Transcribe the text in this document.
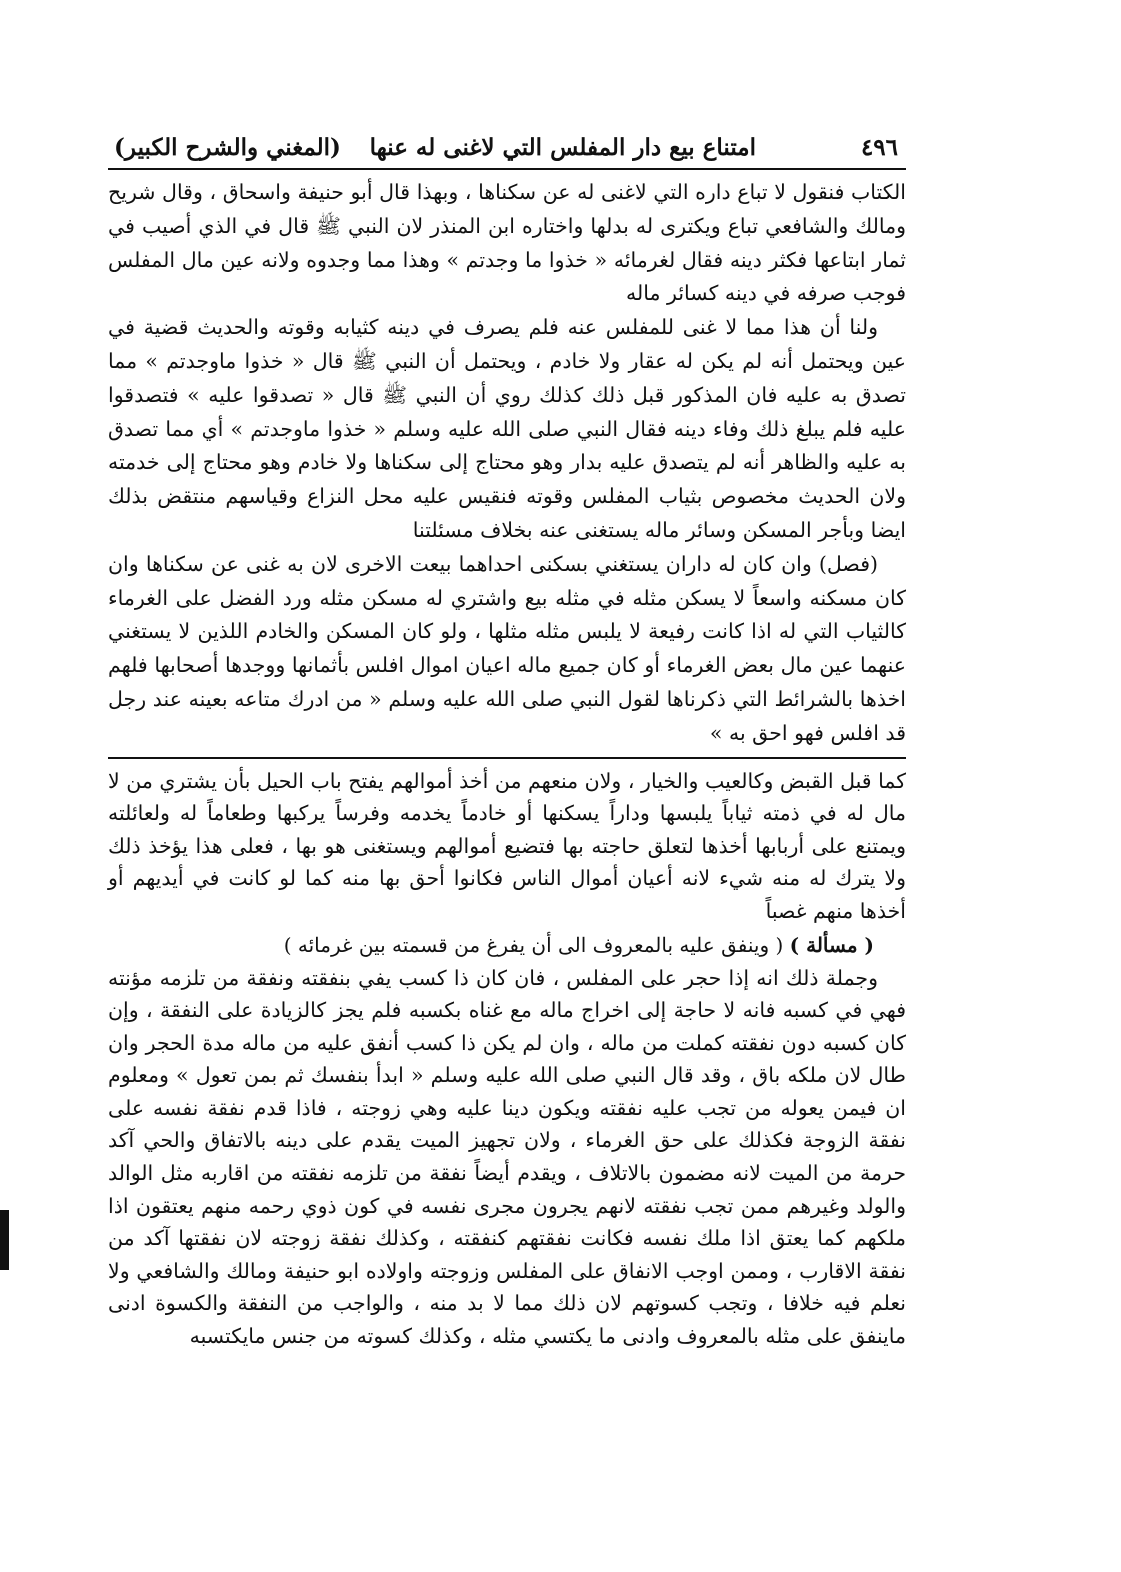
٤٩٦
امتناع بيع دار المفلس التي لاغنى له عنها
(المغني والشرح الكبير)

الكتاب فنقول لا تباع داره التي لاغنى له عن سكناها ، وبهذا قال أبو حنيفة واسحاق ، وقال شريح ومالك والشافعي تباع ويكترى له بدلها واختاره ابن المنذر لان النبي ﷺ قال في الذي أصيب في ثمار ابتاعها فكثر دينه فقال لغرمائه « خذوا ما وجدتم » وهذا مما وجدوه ولانه عين مال المفلس فوجب صرفه في دينه كسائر ماله

ولنا أن هذا مما لا غنى للمفلس عنه فلم يصرف في دينه كثيابه وقوته والحديث قضية في عين ويحتمل أنه لم يكن له عقار ولا خادم ، ويحتمل أن النبي ﷺ قال « خذوا ماوجدتم » مما تصدق به عليه فان المذكور قبل ذلك كذلك روي أن النبي ﷺ قال « تصدقوا عليه » فتصدقوا عليه فلم يبلغ ذلك وفاء دينه فقال النبي صلى الله عليه وسلم « خذوا ماوجدتم » أي مما تصدق به عليه والظاهر أنه لم يتصدق عليه بدار وهو محتاج إلى سكناها ولا خادم وهو محتاج إلى خدمته ولان الحديث مخصوص بثياب المفلس وقوته فنقيس عليه محل النزاع وقياسهم منتقض بذلك ايضا وبأجر المسكن وسائر ماله يستغنى عنه بخلاف مسئلتنا

(فصل) وان كان له داران يستغني بسكنى احداهما بيعت الاخرى لان به غنى عن سكناها وان كان مسكنه واسعاً لا يسكن مثله في مثله بيع واشتري له مسكن مثله ورد الفضل على الغرماء كالثياب التي له اذا كانت رفيعة لا يلبس مثله مثلها ، ولو كان المسكن والخادم اللذين لا يستغني عنهما عين مال بعض الغرماء أو كان جميع ماله اعيان اموال افلس بأثمانها ووجدها أصحابها فلهم اخذها بالشرائط التي ذكرناها لقول النبي صلى الله عليه وسلم « من ادرك متاعه بعينه عند رجل قد افلس فهو احق به »

كما قبل القبض وكالعيب والخيار ، ولان منعهم من أخذ أموالهم يفتح باب الحيل بأن يشتري من لا مال له في ذمته ثياباً يلبسها وداراً يسكنها أو خادماً يخدمه وفرساً يركبها وطعاماً له ولعائلته ويمتنع على أربابها أخذها لتعلق حاجته بها فتضيع أموالهم ويستغنى هو بها ، فعلى هذا يؤخذ ذلك ولا يترك له منه شيء لانه أعيان أموال الناس فكانوا أحق بها منه كما لو كانت في أيديهم أو أخذها منهم غصباً

( مسألة ) ( وينفق عليه بالمعروف الى أن يفرغ من قسمته بين غرمائه )

وجملة ذلك انه إذا حجر على المفلس ، فان كان ذا كسب يفي بنفقته ونفقة من تلزمه مؤنته فهي في كسبه فانه لا حاجة إلى اخراج ماله مع غناه بكسبه فلم يجز كالزيادة على النفقة ، وإن كان كسبه دون نفقته كملت من ماله ، وان لم يكن ذا كسب أنفق عليه من ماله مدة الحجر وان طال لان ملكه باق ، وقد قال النبي صلى الله عليه وسلم « ابدأ بنفسك ثم بمن تعول » ومعلوم ان فيمن يعوله من تجب عليه نفقته ويكون دينا عليه وهي زوجته ، فاذا قدم نفقة نفسه على نفقة الزوجة فكذلك على حق الغرماء ، ولان تجهيز الميت يقدم على دينه بالاتفاق والحي آكد حرمة من الميت لانه مضمون بالاتلاف ، ويقدم أيضاً نفقة من تلزمه نفقته من اقاربه مثل الوالد والولد وغيرهم ممن تجب نفقته لانهم يجرون مجرى نفسه في كون ذوي رحمه منهم يعتقون اذا ملكهم كما يعتق اذا ملك نفسه فكانت نفقتهم كنفقته ، وكذلك نفقة زوجته لان نفقتها آكد من نفقة الاقارب ، وممن اوجب الانفاق على المفلس وزوجته واولاده ابو حنيفة ومالك والشافعي ولا نعلم فيه خلافا ، وتجب كسوتهم لان ذلك مما لا بد منه ، والواجب من النفقة والكسوة ادنى ماينفق على مثله بالمعروف وادنى ما يكتسي مثله ، وكذلك كسوته من جنس مايكتسبه
